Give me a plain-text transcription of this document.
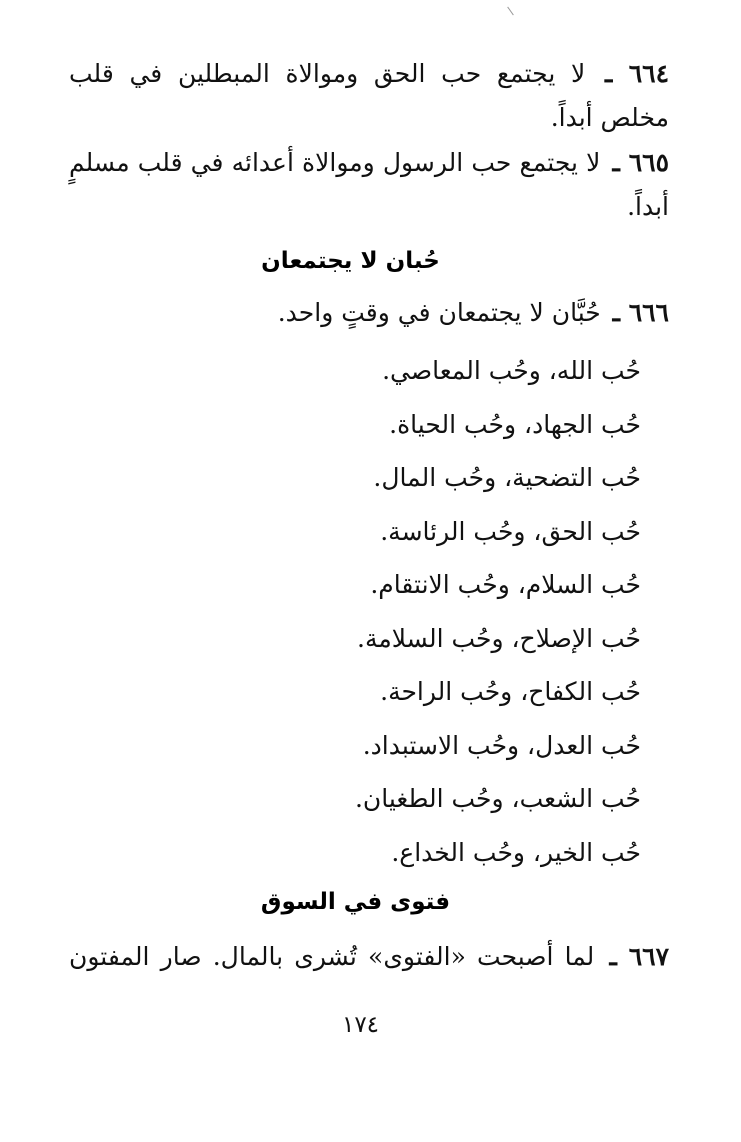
٦٦٤ ـ لا يجتمع حب الحق وموالاة المبطلين في قلب مخلص أبداً.

٦٦٥ ـ لا يجتمع حب الرسول وموالاة أعدائه في قلب مسلمٍ أبداً.

حُبان لا يجتمعان

٦٦٦ ـ حُبَّان لا يجتمعان في وقتٍ واحد.

حُب الله، وحُب المعاصي.
حُب الجهاد، وحُب الحياة.
حُب التضحية، وحُب المال.
حُب الحق، وحُب الرئاسة.
حُب السلام، وحُب الانتقام.
حُب الإصلاح، وحُب السلامة.
حُب الكفاح، وحُب الراحة.
حُب العدل، وحُب الاستبداد.
حُب الشعب، وحُب الطغيان.
حُب الخير، وحُب الخداع.
فتوى في السوق

٦٦٧ ـ لما أصبحت «الفتوى» تُشرى بالمال. صار المفتون

١٧٤
